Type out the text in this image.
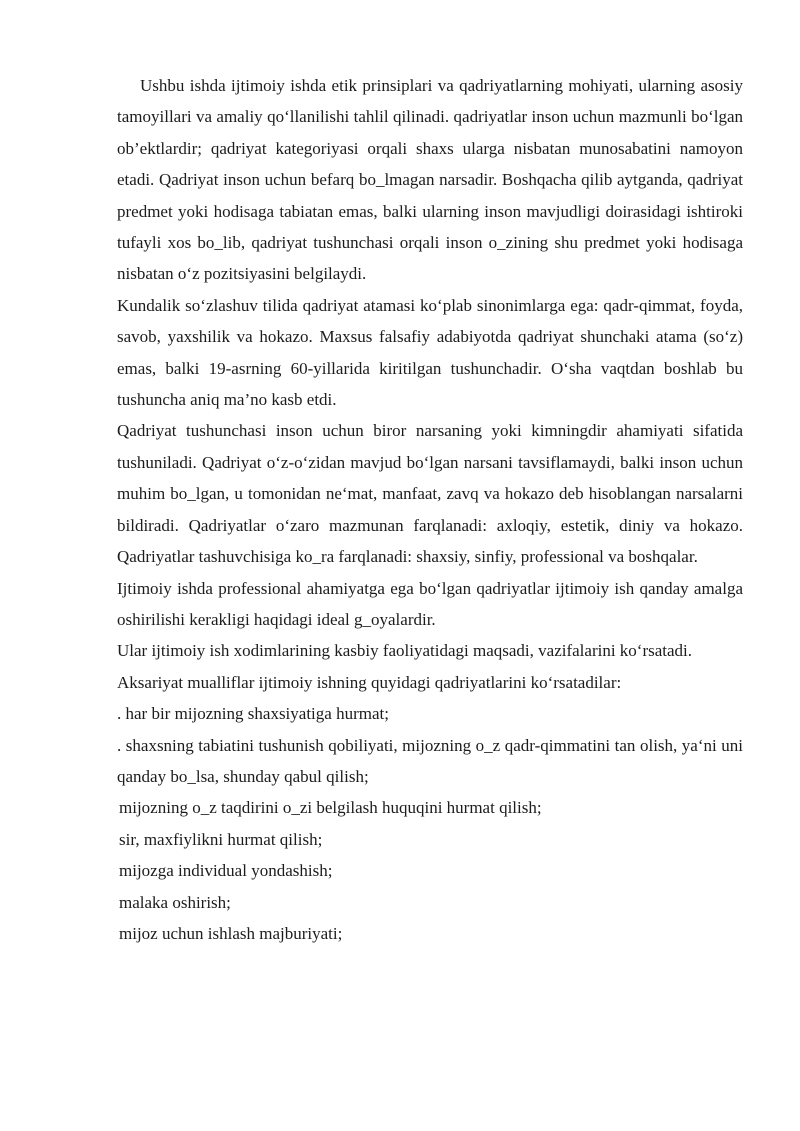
Ushbu ishda ijtimoiy ishda etik prinsiplari va qadriyatlarning mohiyati, ularning asosiy tamoyillari va amaliy qo‘llanilishi tahlil qilinadi. qadriyatlar inson uchun mazmunli bo‘lgan ob’ektlardir; qadriyat kategoriyasi orqali shaxs ularga nisbatan munosabatini namoyon etadi. Qadriyat inson uchun befarq bo_lmagan narsadir. Boshqacha qilib aytganda, qadriyat predmet yoki hodisaga tabiatan emas, balki ularning inson mavjudligi doirasidagi ishtiroki tufayli xos bo_lib, qadriyat tushunchasi orqali inson o_zining shu predmet yoki hodisaga nisbatan o‘z pozitsiyasini belgilaydi.

Kundalik so‘zlashuv tilida qadriyat atamasi ko‘plab sinonimlarga ega: qadr-qimmat, foyda, savob, yaxshilik va hokazo. Maxsus falsafiy adabiyotda qadriyat shunchaki atama (so‘z) emas, balki 19-asrning 60-yillarida kiritilgan tushunchadir. O‘sha vaqtdan boshlab bu tushuncha aniq ma’no kasb etdi.

Qadriyat tushunchasi inson uchun biror narsaning yoki kimningdir ahamiyati sifatida tushuniladi. Qadriyat o‘z-o‘zidan mavjud bo‘lgan narsani tavsiflamaydi, balki inson uchun muhim bo_lgan, u tomonidan ne‘mat, manfaat, zavq va hokazo deb hisoblangan narsalarni bildiradi. Qadriyatlar o‘zaro mazmunan farqlanadi: axloqiy, estetik, diniy va hokazo. Qadriyatlar tashuvchisiga ko_ra farqlanadi: shaxsiy, sinfiy, professional va boshqalar.

Ijtimoiy ishda professional ahamiyatga ega bo‘lgan qadriyatlar ijtimoiy ish qanday amalga oshirilishi kerakligi haqidagi ideal g_oyalardir.

Ular ijtimoiy ish xodimlarining kasbiy faoliyatidagi maqsadi, vazifalarini ko‘rsatadi.

Aksariyat mualliflar ijtimoiy ishning quyidagi qadriyatlarini ko‘rsatadilar:

. har bir mijozning shaxsiyatiga hurmat;
. shaxsning tabiatini tushunish qobiliyati, mijozning o_z qadr-qimmatini tan olish, ya‘ni uni qanday bo_lsa, shunday qabul qilish;
mijozning o_z taqdirini o_zi belgilash huquqini hurmat qilish;
sir, maxfiylikni hurmat qilish;
mijozga individual yondashish;
malaka oshirish;
mijoz uchun ishlash majburiyati;
